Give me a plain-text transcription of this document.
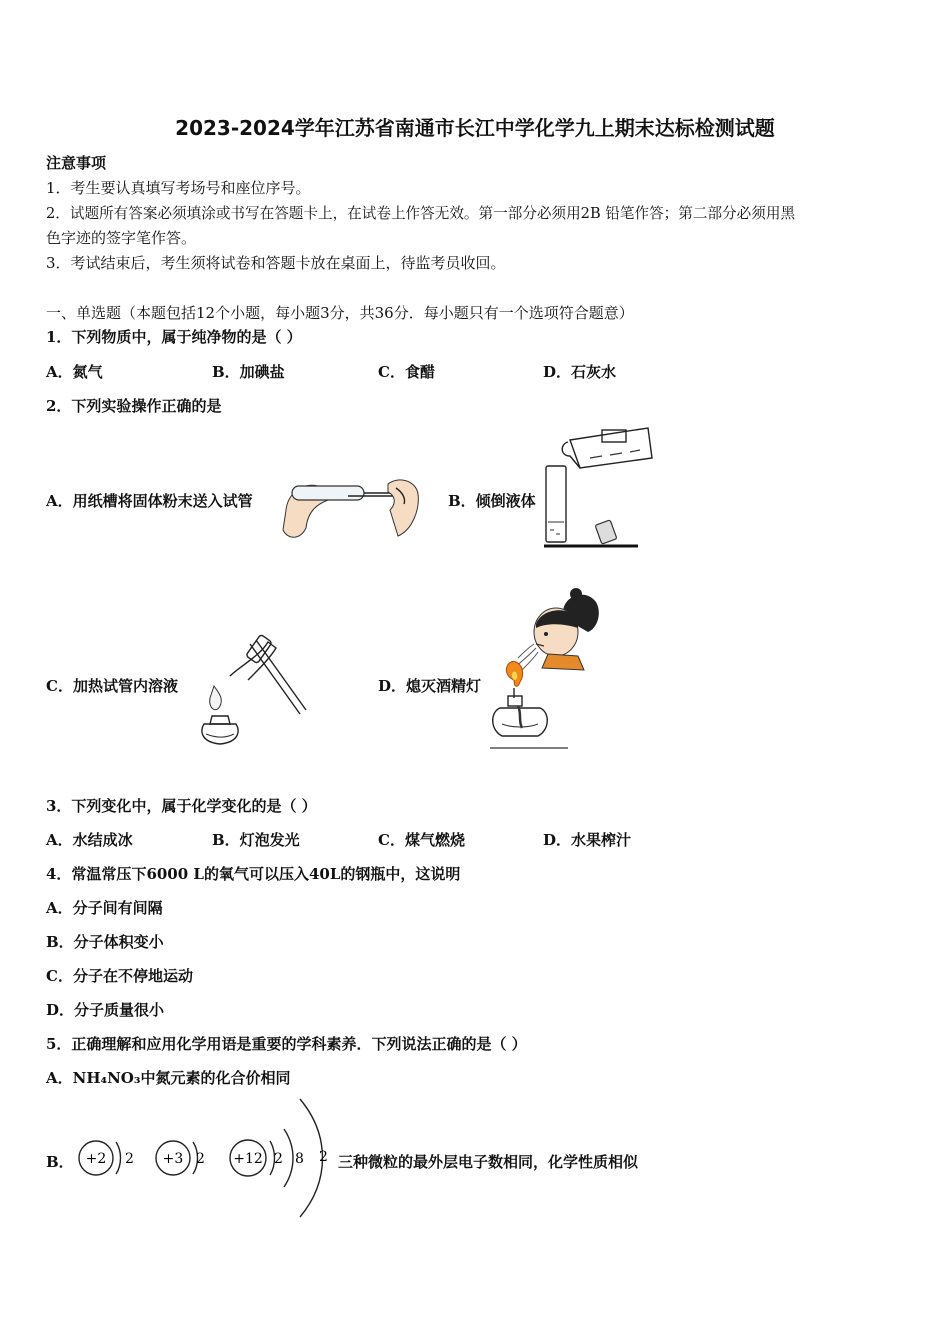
2023-2024学年江苏省南通市长江中学化学九上期末达标检测试题
注意事项
1．考生要认真填写考场号和座位序号。
2．试题所有答案必须填涂或书写在答题卡上，在试卷上作答无效。第一部分必须用2B 铅笔作答；第二部分必须用黑
色字迹的签字笔作答。
3．考试结束后，考生须将试卷和答题卡放在桌面上，待监考员收回。
一、单选题（本题包括12个小题，每小题3分，共36分．每小题只有一个选项符合题意）
1．下列物质中，属于纯净物的是（ ）
A．氮气	B．加碘盐	C．食醋	D．石灰水
2．下列实验操作正确的是
A．用纸槽将固体粉末送入试管	B．倾倒液体
C．加热试管内溶液	D．熄灭酒精灯
3．下列变化中，属于化学变化的是（ ）
A．水结成冰	B．灯泡发光	C．煤气燃烧	D．水果榨汁
4．常温常压下6000 L的氧气可以压入40L的钢瓶中，这说明
A．分子间有间隔
B．分子体积变小
C．分子在不停地运动
D．分子质量很小
5．正确理解和应用化学用语是重要的学科素养．下列说法正确的是（ ）
A．NH₄NO₃中氮元素的化合价相同
B． +2 2 +3 2 +12 2 8 2 三种微粒的最外层电子数相同，化学性质相似
